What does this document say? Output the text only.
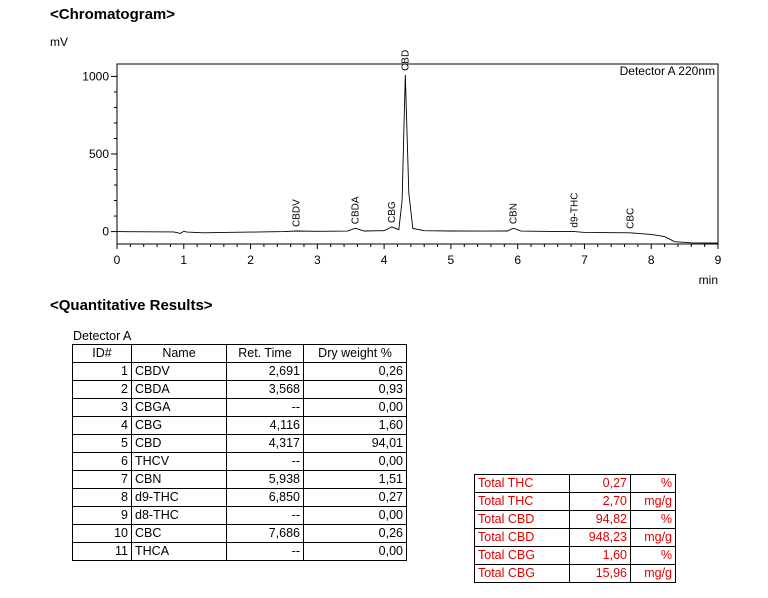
<Chromatogram>
mV
Detector A 220nm
min
0	1	2	3	4	5	6	7	8	9
0
500
1000
CBDV	CBDA	CBG
CBD
CBN	d9-THC	CBC
<Quantitative Results>
Detector A
ID#	Name	Ret. Time	Dry weight %
1	CBDV	2,691	0,26
2	CBDA	3,568	0,93
3	CBGA	--	0,00
4	CBG	4,116	1,60
5	CBD	4,317	94,01
6	THCV	--	0,00
7	CBN	5,938	1,51
8	d9-THC	6,850	0,27
9	d8-THC	--	0,00
10	CBC	7,686	0,26
11	THCA	--	0,00
Total THC	0,27	%
Total THC	2,70	mg/g
Total CBD	94,82	%
Total CBD	948,23	mg/g
Total CBG	1,60	%
Total CBG	15,96	mg/g
